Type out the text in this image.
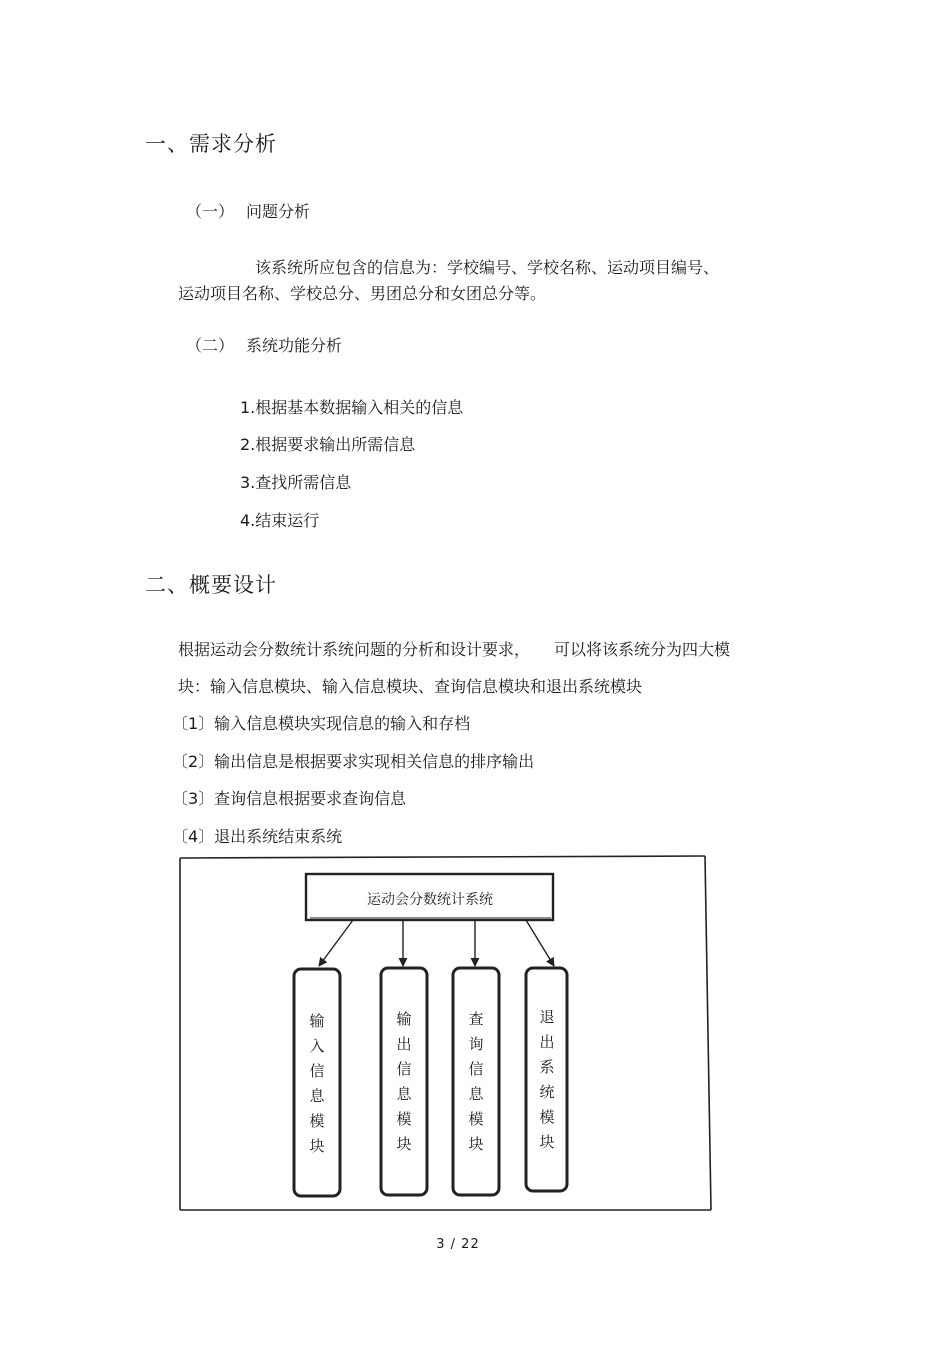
一、需求分析
（一） 问题分析
该系统所应包含的信息为：学校编号、学校名称、运动项目编号、
运动项目名称、学校总分、男团总分和女团总分等。
（二） 系统功能分析
1.根据基本数据输入相关的信息
2.根据要求输出所需信息
3.查找所需信息
4.结束运行
二、概要设计
根据运动会分数统计系统问题的分析和设计要求，　　可以将该系统分为四大模
块：输入信息模块、输入信息模块、查询信息模块和退出系统模块
〔1〕输入信息模块实现信息的输入和存档
〔2〕输出信息是根据要求实现相关信息的排序输出
〔3〕查询信息根据要求查询信息
〔4〕退出系统结束系统
运动会分数统计系统
输入信息模块
输出信息模块
查询信息模块
退出系统模块
3 / 22
